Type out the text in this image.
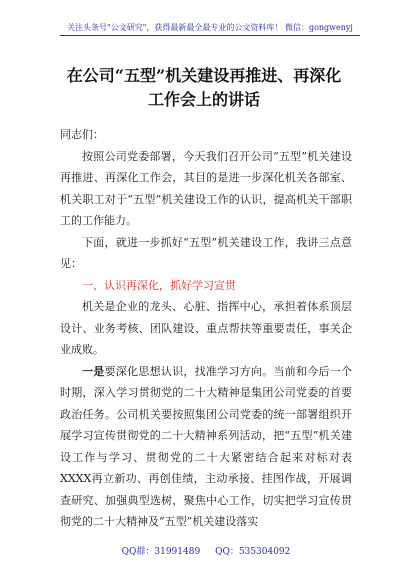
关注头条号"公文研究"，获得最新最全最专业的公文资料库！ 微信：gongwenyj
在公司“五型”机关建设再推进、再深化
工作会上的讲话

同志们：

按照公司党委部署，今天我们召开公司“五型”机关建设再推进、再深化工作会，其目的是进一步深化机关各部室、机关职工对于“五型”机关建设工作的认识，提高机关干部职工的工作能力。

下面，就进一步抓好“五型”机关建设工作，我讲三点意见：

一、认识再深化，抓好学习宣贯

机关是企业的龙头、心脏、指挥中心，承担着体系顶层设计、业务考核、团队建设、重点帮扶等重要责任，事关企业成败。

一是要深化思想认识，找准学习方向。当前和今后一个时期，深入学习贯彻党的二十大精神是集团公司党委的首要政治任务。公司机关要按照集团公司党委的统一部署组织开展学习宣传贯彻党的二十大精神系列活动，把“五型”机关建设工作与学习、贯彻党的二十大紧密结合起来对标对表XXXX再立新功、再创佳绩，主动承接、挂图作战，开展调查研究、加强典型选树，聚焦中心工作，切实把学习宣传贯彻党的二十大精神及“五型”机关建设落实

QQ群：31991489 QQ：535304092
